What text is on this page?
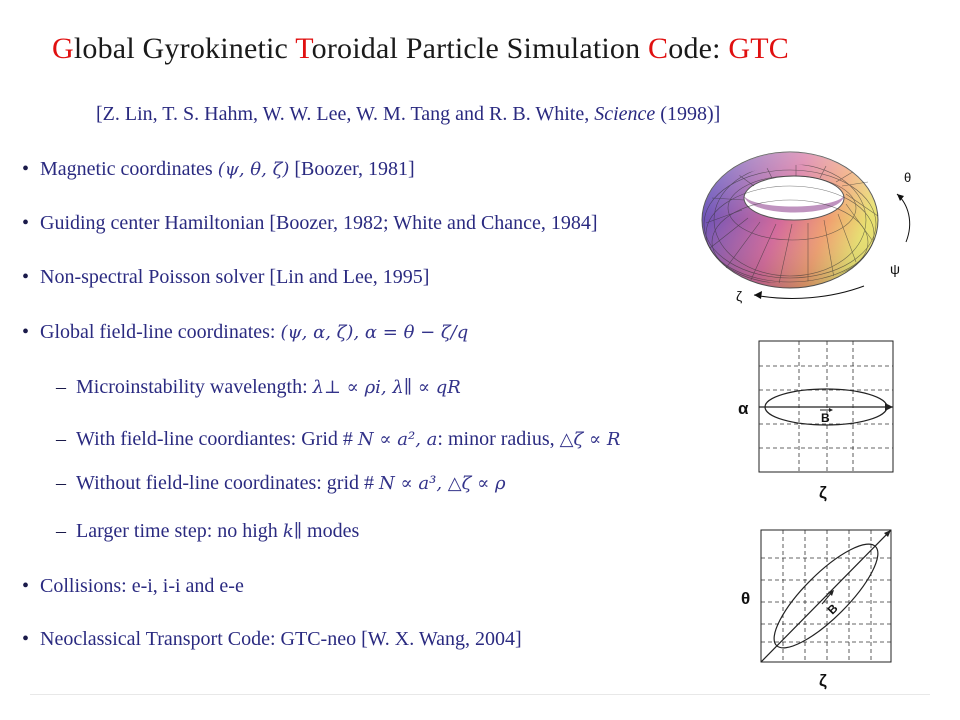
Global Gyrokinetic Toroidal Particle Simulation Code: GTC
[Z. Lin, T. S. Hahm, W. W. Lee, W. M. Tang and R. B. White, Science (1998)]
• Magnetic coordinates (ψ, θ, ζ) [Boozer, 1981]
• Guiding center Hamiltonian [Boozer, 1982; White and Chance, 1984]
• Non-spectral Poisson solver [Lin and Lee, 1995]
• Global field-line coordinates: (ψ, α, ζ), α = θ − ζ/q
– Microinstability wavelength: λ⊥ ∝ ρi, λ∥ ∝ qR
– With field-line coordiantes: Grid # N ∝ a², a: minor radius, △ζ ∝ R
– Without field-line coordinates: grid # N ∝ a³, △ζ ∝ ρ
– Larger time step: no high k∥ modes
• Collisions: e-i, i-i and e-e
• Neoclassical Transport Code: GTC-neo [W. X. Wang, 2004]
θ
ψ
ζ
B
α
ζ
B
θ
ζ
